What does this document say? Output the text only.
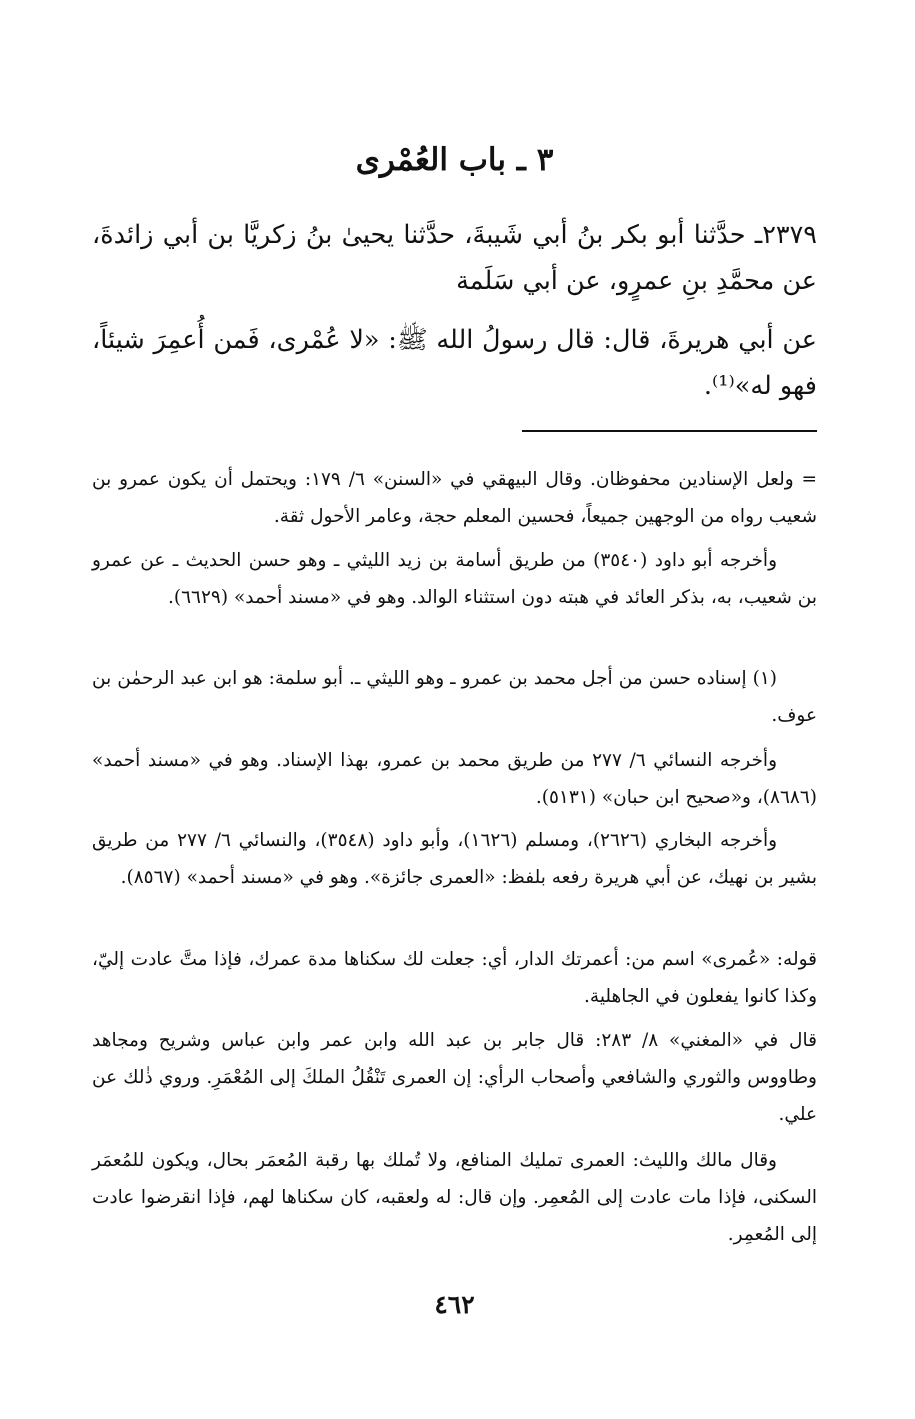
٣ ـ باب العُمْرى

٢٣٧٩ـ حدَّثنا أبو بكر بنُ أبي شَيبةَ، حدَّثنا يحيىٰ بنُ زكريَّا بن أبي زائدةَ، عن محمَّدِ بنِ عمرٍو، عن أبي سَلَمة

عن أبي هريرةَ، قال: قال رسولُ الله ﷺ: «لا عُمْرى، فَمن أُعمِرَ شيئاً، فهو له»⁽¹⁾.

= ولعل الإسنادين محفوظان. وقال البيهقي في «السنن» ٦/ ١٧٩: ويحتمل أن يكون عمرو بن شعيب رواه من الوجهين جميعاً، فحسين المعلم حجة، وعامر الأحول ثقة.

وأخرجه أبو داود (٣٥٤٠) من طريق أسامة بن زيد الليثي ـ وهو حسن الحديث ـ عن عمرو بن شعيب، به، بذكر العائد في هبته دون استثناء الوالد. وهو في «مسند أحمد» (٦٦٢٩).

(١) إسناده حسن من أجل محمد بن عمرو ـ وهو الليثي ـ. أبو سلمة: هو ابن عبد الرحمٰن بن عوف.

وأخرجه النسائي ٦/ ٢٧٧ من طريق محمد بن عمرو، بهذا الإسناد. وهو في «مسند أحمد» (٨٦٨٦)، و«صحيح ابن حبان» (٥١٣١).

وأخرجه البخاري (٢٦٢٦)، ومسلم (١٦٢٦)، وأبو داود (٣٥٤٨)، والنسائي ٦/ ٢٧٧ من طريق بشير بن نهيك، عن أبي هريرة رفعه بلفظ: «العمرى جائزة». وهو في «مسند أحمد» (٨٥٦٧).

قوله: «عُمرى» اسم من: أعمرتك الدار، أي: جعلت لك سكناها مدة عمرك، فإذا متَّ عادت إليّ، وكذا كانوا يفعلون في الجاهلية.

قال في «المغني» ٨/ ٢٨٣: قال جابر بن عبد الله وابن عمر وابن عباس وشريح ومجاهد وطاووس والثوري والشافعي وأصحاب الرأي: إن العمرى تَنْقُلُ الملكَ إلى المُعْمَرِ. وروي ذٰلك عن علي.

وقال مالك والليث: العمرى تمليك المنافع، ولا تُملك بها رقبة المُعمَر بحال، ويكون للمُعمَر السكنى، فإذا مات عادت إلى المُعمِر. وإن قال: له ولعقبه، كان سكناها لهم، فإذا انقرضوا عادت إلى المُعمِر.

٤٦٢
